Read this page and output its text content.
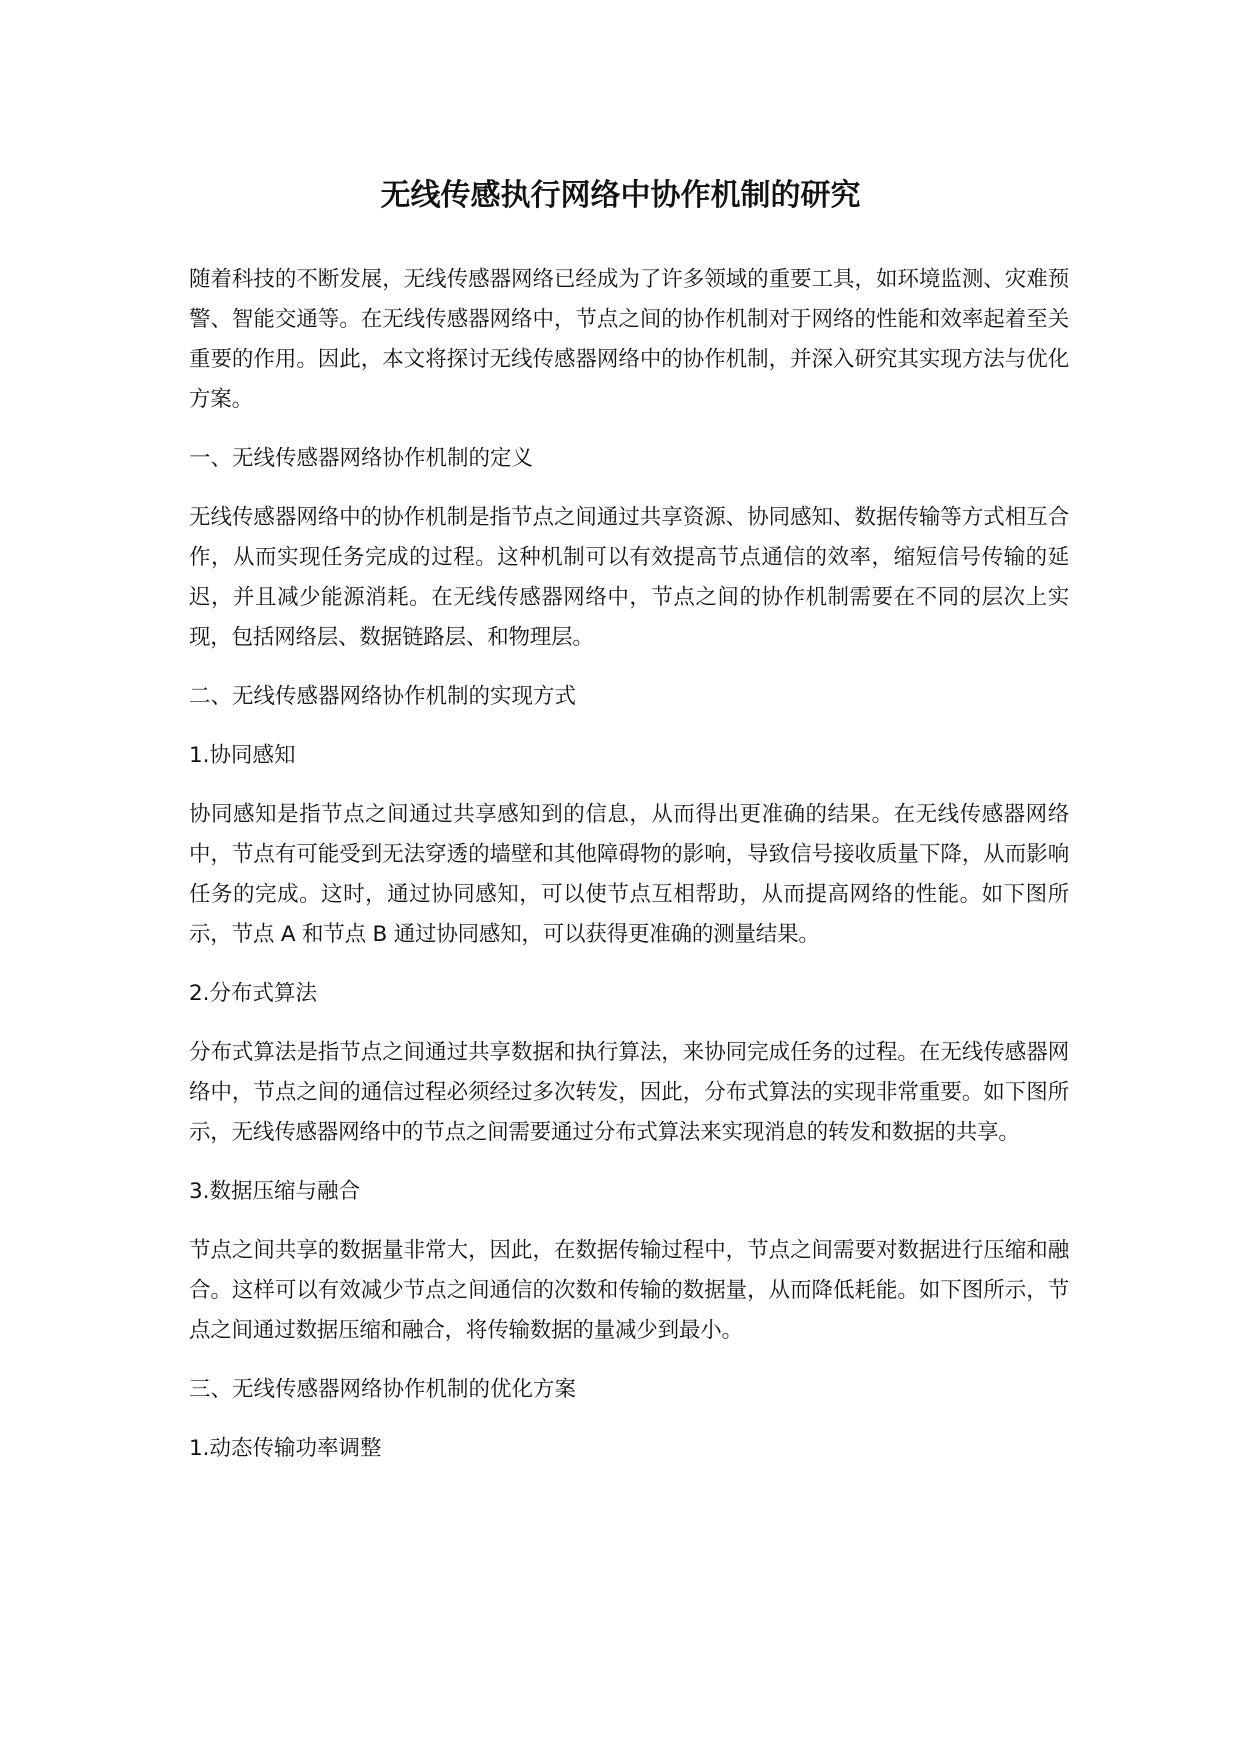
无线传感执行网络中协作机制的研究

随着科技的不断发展，无线传感器网络已经成为了许多领域的重要工具，如环境监测、灾难预警、智能交通等。在无线传感器网络中，节点之间的协作机制对于网络的性能和效率起着至关重要的作用。因此，本文将探讨无线传感器网络中的协作机制，并深入研究其实现方法与优化方案。

一、无线传感器网络协作机制的定义

无线传感器网络中的协作机制是指节点之间通过共享资源、协同感知、数据传输等方式相互合作，从而实现任务完成的过程。这种机制可以有效提高节点通信的效率，缩短信号传输的延迟，并且减少能源消耗。在无线传感器网络中，节点之间的协作机制需要在不同的层次上实现，包括网络层、数据链路层、和物理层。

二、无线传感器网络协作机制的实现方式

1.协同感知

协同感知是指节点之间通过共享感知到的信息，从而得出更准确的结果。在无线传感器网络中，节点有可能受到无法穿透的墙壁和其他障碍物的影响，导致信号接收质量下降，从而影响任务的完成。这时，通过协同感知，可以使节点互相帮助，从而提高网络的性能。如下图所示，节点 A 和节点 B 通过协同感知，可以获得更准确的测量结果。

2.分布式算法

分布式算法是指节点之间通过共享数据和执行算法，来协同完成任务的过程。在无线传感器网络中，节点之间的通信过程必须经过多次转发，因此，分布式算法的实现非常重要。如下图所示，无线传感器网络中的节点之间需要通过分布式算法来实现消息的转发和数据的共享。

3.数据压缩与融合

节点之间共享的数据量非常大，因此，在数据传输过程中，节点之间需要对数据进行压缩和融合。这样可以有效减少节点之间通信的次数和传输的数据量，从而降低耗能。如下图所示，节点之间通过数据压缩和融合，将传输数据的量减少到最小。

三、无线传感器网络协作机制的优化方案

1.动态传输功率调整
